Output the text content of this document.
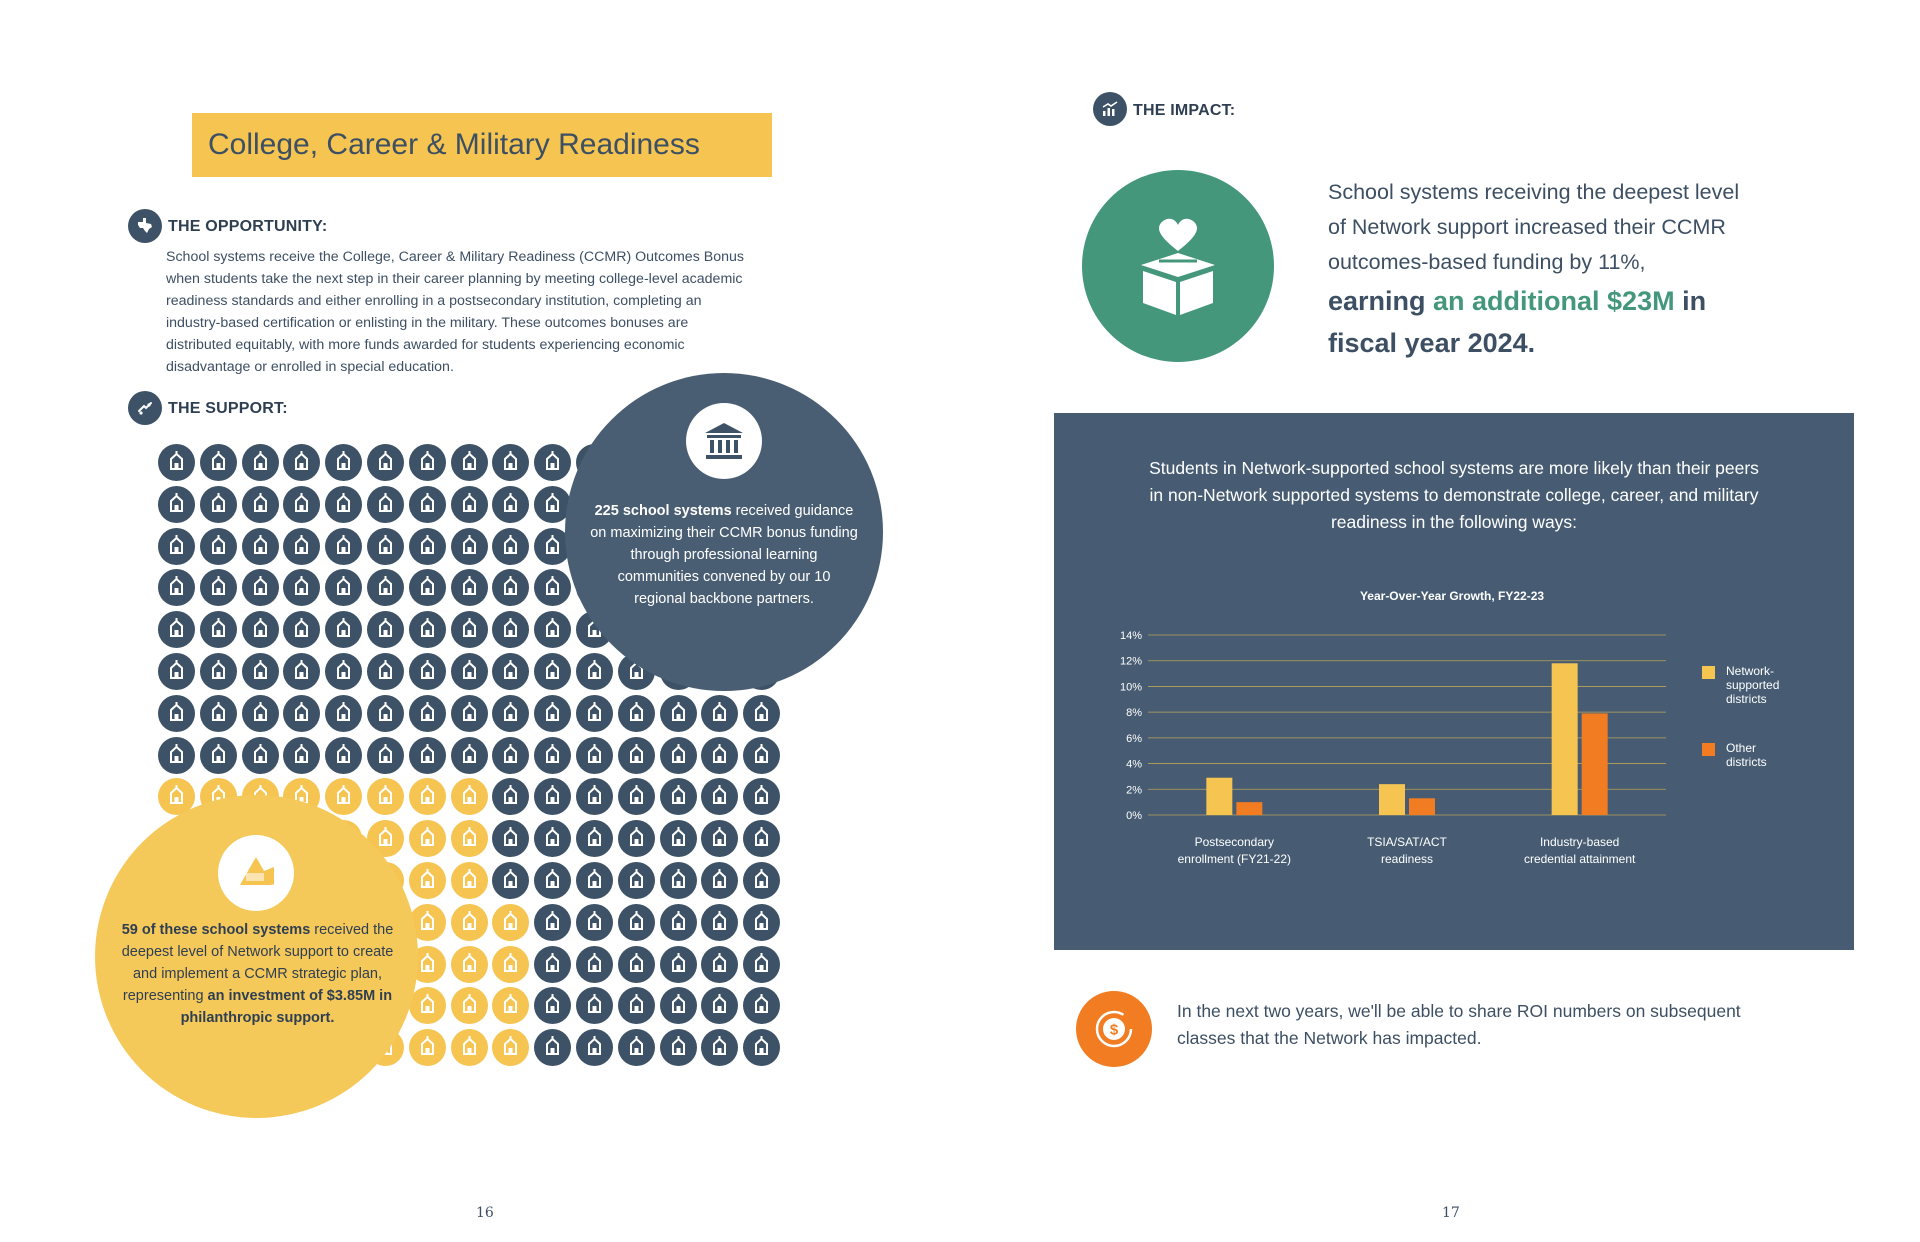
College, Career & Military Readiness
THE OPPORTUNITY:
School systems receive the College, Career & Military Readiness (CCMR) Outcomes Bonus
when students take the next step in their career planning by meeting college-level academic
readiness standards and either enrolling in a postsecondary institution, completing an
industry-based certification or enlisting in the military. These outcomes bonuses are
distributed equitably, with more funds awarded for students experiencing economic
disadvantage or enrolled in special education.
THE SUPPORT:
225 school systems received guidance on maximizing their CCMR bonus funding through professional learning communities convened by our 10 regional backbone partners.
59 of these school systems received the deepest level of Network support to create and implement a CCMR strategic plan, representing an investment of $3.85M in philanthropic support.
16
THE IMPACT:
School systems receiving the deepest level
of Network support increased their CCMR
outcomes-based funding by 11%,
earning an additional $23M in
fiscal year 2024.
Students in Network-supported school systems are more likely than their peers
in non-Network supported systems to demonstrate college, career, and military
readiness in the following ways:
Year-Over-Year Growth, FY22-23
0%
2%
4%
6%
8%
10%
12%
14%
Postsecondary
enrollment (FY21-22)
TSIA/SAT/ACT
readiness
Industry-based
credential attainment
Network-
supported
districts
Other
districts
$
In the next two years, we'll be able to share ROI numbers on subsequent
classes that the Network has impacted.
17
